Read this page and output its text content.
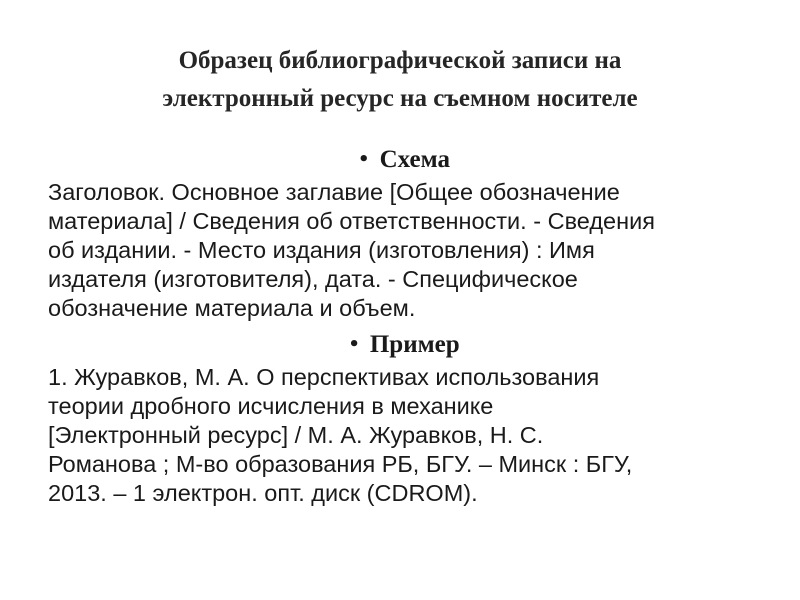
Образец библиографической записи на
электронный ресурс на съемном носителе

• Схема

Заголовок. Основное заглавие [Общее обозначение
материала] / Сведения об ответственности. - Сведения
об издании. - Место издания (изготовления) : Имя
издателя (изготовителя), дата. - Специфическое
обозначение материала и объем.

• Пример

1. Журавков, М. А. О перспективах использования
теории дробного исчисления в механике
[Электронный ресурс] / М. А. Журавков, Н. С.
Романова ; М-во образования РБ, БГУ. – Минск : БГУ,
2013. – 1 электрон. опт. диск (CDROM).
